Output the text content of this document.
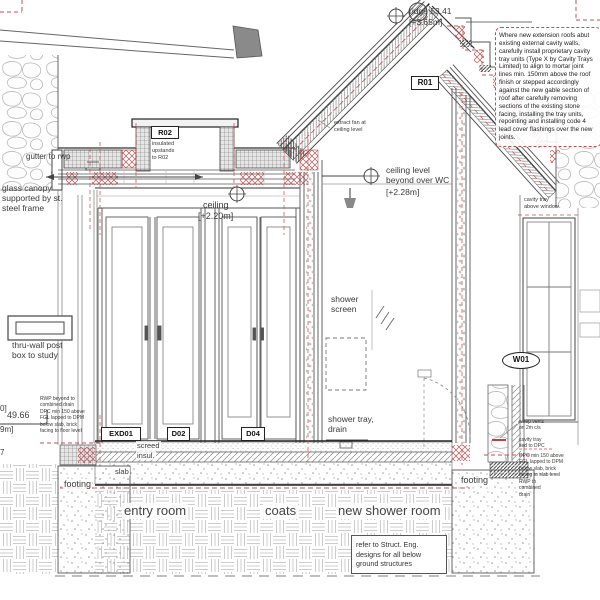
Where new extension roofs abut existing external cavity walls, carefully install proprietary cavity tray units (Type X by Cavity Trays Limited) to align to mortar joint lines min. 150mm above the roof finish or stepped accordingly against the new gable section of roof after carefully removing sections of the existing stone facing, installing the tray units, repointing and installing code 4 lead cover flashings over the new joints.
gutter to rwp
glass canopy supported by st. steel frame
thru-wall post box to study
insulated upstands to R02
extract fan at ceiling level
ridge 53.41
[+3.65m]
ceiling
[+2.20m]
ceiling level beyond over WC
[+2.28m]
shower screen
shower tray, drain
screed
insul.
slab
entry room	coats	new shower room
footing	footing
RWP beyond to combined drain
DPC min 150 above FGL lapped to DPM below slab, brick facing to floor level
0]
49.66
9m]
7
cavity tray above window
weep vents on 2m c/s
cavity tray tied to DPC
DPC min 150 above FGL lapped to DPM below slab, brick facing to slab level
RWP to combined drain
refer to Struct. Eng. designs for all below ground structures
R01
R02
W01
EXD01	D02	D04
